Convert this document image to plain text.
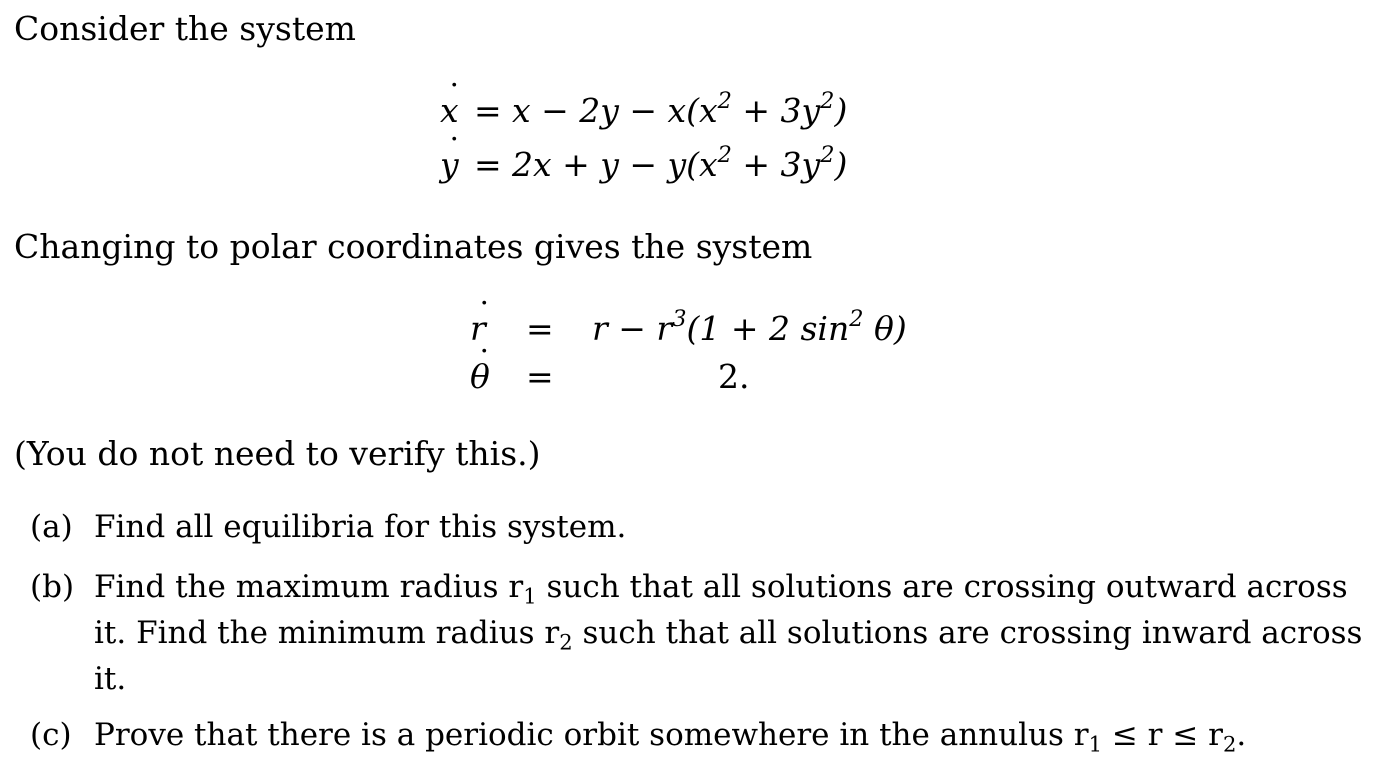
Consider the system
x ˙ = $x - 2y - x(x^2 + 3y^2)$
y ˙ = $2x + y - y(x^2 + 3y^2)$
Changing to polar coordinates gives the system
r ˙ = $r - r^3(1 + 2$ $\sin^2 \theta$)
θ ˙ =	2.
(You do not need to verify this.)
(a) Find all equilibria for this system.
(b) Find the maximum radius $r_1$ such that all solutions are crossing outward across
it. Find the minimum radius $r_2$ such that all solutions are crossing inward across
it.
(c) Prove that there is a periodic orbit somewhere in the annulus $r_1 \le r \le r_2$.
